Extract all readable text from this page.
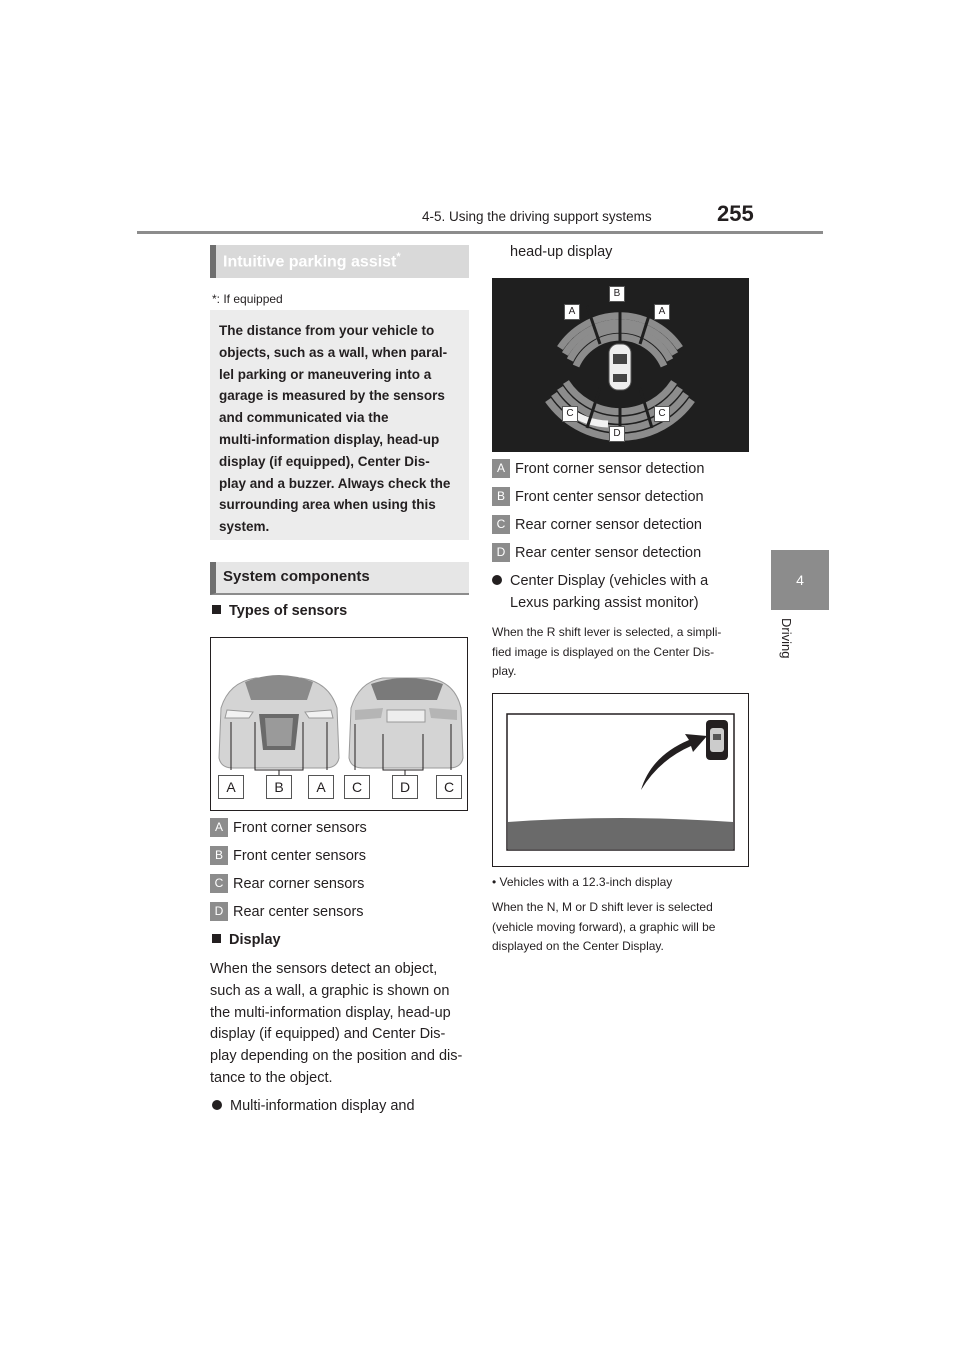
4-5. Using the driving support systems	255
4
Driving
Intuitive parking assist*
*: If equipped
The distance from your vehicle to
objects, such as a wall, when paral-
lel parking or maneuvering into a
garage is measured by the sensors
and communicated via the
multi-information display, head-up
display (if equipped), Center Dis-
play and a buzzer. Always check the
surrounding area when using this
system.
System components
Types of sensors
A	B	A	C	D	C
A Front corner sensors
B Front center sensors
C Rear corner sensors
D Rear center sensors
Display
When the sensors detect an object,
such as a wall, a graphic is shown on
the multi-information display, head-up
display (if equipped) and Center Dis-
play depending on the position and dis-
tance to the object.
Multi-information display and
head-up display
A
B
A
C	C
D
A Front corner sensor detection
B Front center sensor detection
C Rear corner sensor detection
D Rear center sensor detection
Center Display (vehicles with a
Lexus parking assist monitor)
When the R shift lever is selected, a simpli-
fied image is displayed on the Center Dis-
play.
• Vehicles with a 12.3-inch display
When the N, M or D shift lever is selected
(vehicle moving forward), a graphic will be
displayed on the Center Display.
